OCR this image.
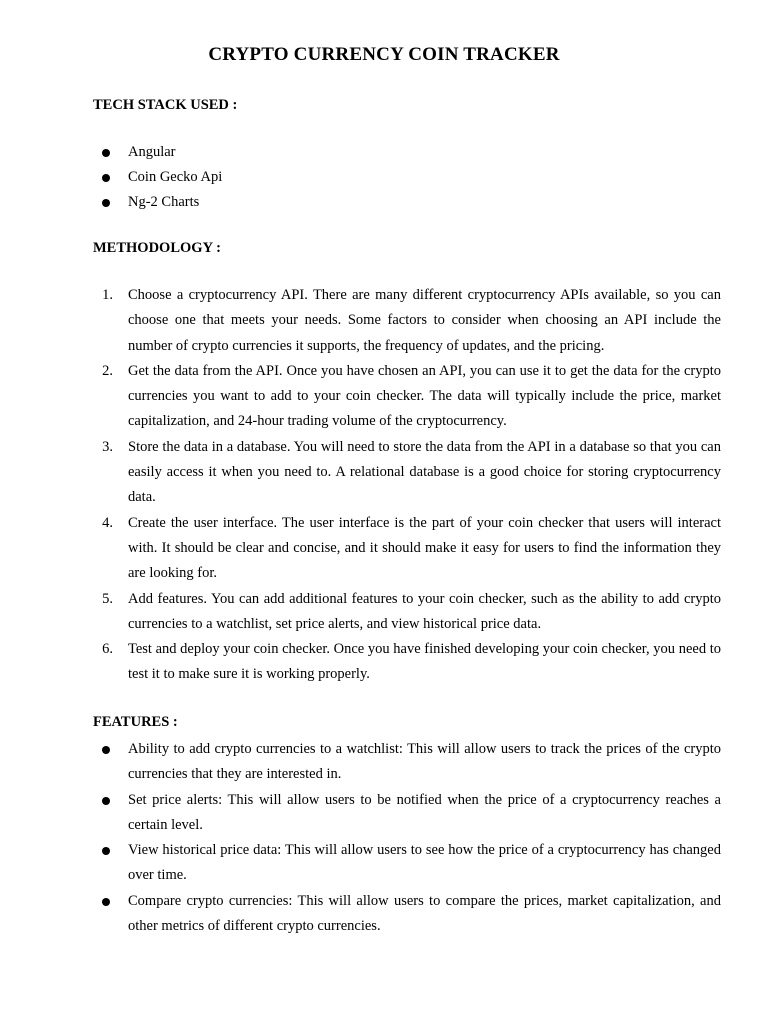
CRYPTO CURRENCY COIN TRACKER
TECH STACK USED :
Angular
Coin Gecko Api
Ng-2 Charts
METHODOLOGY :
1. Choose a cryptocurrency API. There are many different cryptocurrency APIs available, so you can choose one that meets your needs. Some factors to consider when choosing an API include the number of crypto currencies it supports, the frequency of updates, and the pricing.
2. Get the data from the API. Once you have chosen an API, you can use it to get the data for the crypto currencies you want to add to your coin checker. The data will typically include the price, market capitalization, and 24-hour trading volume of the cryptocurrency.
3. Store the data in a database. You will need to store the data from the API in a database so that you can easily access it when you need to. A relational database is a good choice for storing cryptocurrency data.
4. Create the user interface. The user interface is the part of your coin checker that users will interact with. It should be clear and concise, and it should make it easy for users to find the information they are looking for.
5. Add features. You can add additional features to your coin checker, such as the ability to add crypto currencies to a watchlist, set price alerts, and view historical price data.
6. Test and deploy your coin checker. Once you have finished developing your coin checker, you need to test it to make sure it is working properly.
FEATURES :
Ability to add crypto currencies to a watchlist: This will allow users to track the prices of the crypto currencies that they are interested in.
Set price alerts: This will allow users to be notified when the price of a cryptocurrency reaches a certain level.
View historical price data: This will allow users to see how the price of a cryptocurrency has changed over time.
Compare crypto currencies: This will allow users to compare the prices, market capitalization, and other metrics of different crypto currencies.
